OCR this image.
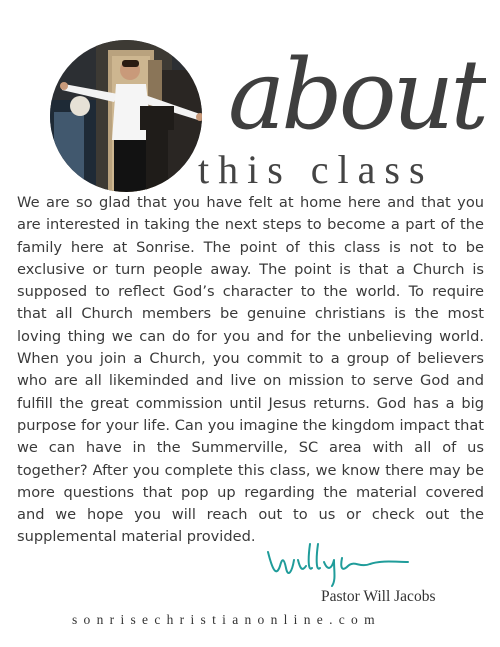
about
this class

We are so glad that you have felt at home here and that you are interested in taking the next steps to become a part of the family here at Sonrise. The point of this class is not to be exclusive or turn people away. The point is that a Church is supposed to reflect God’s character to the world. To require that all Church members be genuine christians is the most loving thing we can do for you and for the unbelieving world. When you join a Church, you commit to a group of believers who are all likeminded and live on mission to serve God and fulfill the great commission until Jesus returns. God has a big purpose for your life. Can you imagine the kingdom impact that we can have in the Summerville, SC area with all of us together? After you complete this class, we know there may be more questions that pop up regarding the material covered and we hope you will reach out to us or check out the supplemental material provided.

Pastor Will Jacobs
sonrisechristianonline.com
